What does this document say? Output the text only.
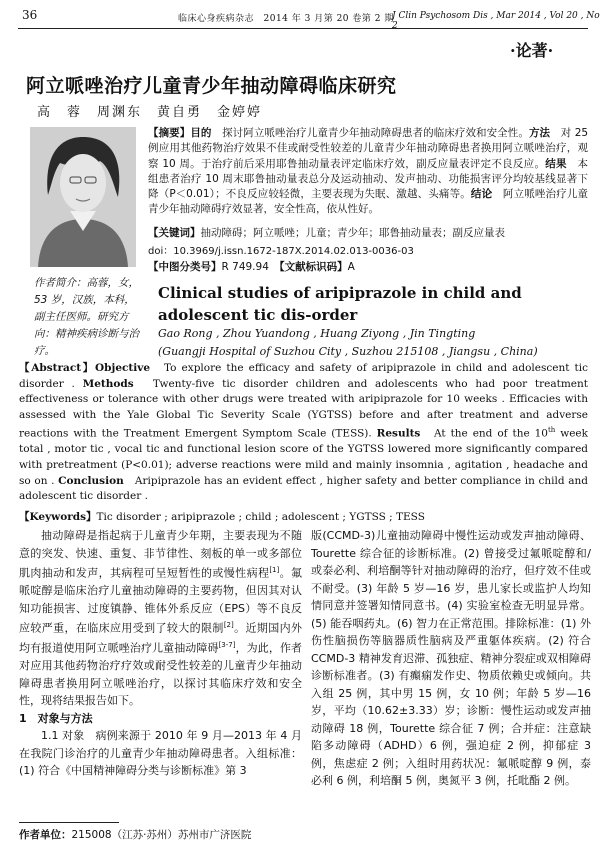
36	临床心身疾病杂志　2014 年 3 月第 20 卷第 2 期
J Clin Psychosom Dis , Mar 2014 , Vol 20 , No 2
·论著·
阿立哌唑治疗儿童青少年抽动障碍临床研究
高　蓉　周渊东　黄自勇　金婷婷
作者简介：高蓉，女，53 岁，汉族，本科，副主任医师。研究方向：精神疾病诊断与治疗。
【摘要】目的　 探讨阿立哌唑治疗儿童青少年抽动障碍患者的临床疗效和安全性。方法　 对 25 例应用其他药物治疗效果不佳或耐受性较差的儿童青少年抽动障碍患者换用阿立哌唑治疗，观察 10 周。于治疗前后采用耶鲁抽动量表评定临床疗效，副反应量表评定不良反应。结果　 本组患者治疗 10 周末耶鲁抽动量表总分及运动抽动、发声抽动、功能损害评分均较基线显著下降（P＜0.01）；不良反应较轻微，主要表现为失眠、激越、头痛等。结论　 阿立哌唑治疗儿童青少年抽动障碍疗效显著，安全性高，依从性好。
【关键词】抽动障碍；阿立哌唑；儿童；青少年；耶鲁抽动量表；副反应量表
doi：10.3969/j.issn.1672-187X.2014.02.013-0036-03
【中图分类号】R 749.94　 【文献标识码】A
Clinical studies of aripiprazole in child and adolescent tic dis-order
Gao Rong , Zhou Yuandong , Huang Ziyong , Jin Tingting
(Guangji Hospital of Suzhou City , Suzhou 215108 , Jiangsu , China)
【Abstract】Objective　 To explore the efficacy and safety of aripiprazole in child and adolescent tic disorder . Methods　 Twenty-five tic disorder children and adolescents who had poor treatment effectiveness or tolerance with other drugs were treated with aripiprazole for 10 weeks . Efficacies with assessed with the Yale Global Tic Severity Scale (YGTSS) before and after treatment and adverse reactions with the Treatment Emergent Symptom Scale (TESS). Results　 At the end of the 10th week total , motor tic , vocal tic and functional lesion score of the YGTSS lowered more significantly compared with pretreatment (P<0.01); adverse reactions were mild and mainly insomnia , agitation , headache and so on . Conclusion　 Aripiprazole has an evident effect , higher safety and better compliance in child and adolescent tic disorder .
【Keywords】Tic disorder ; aripiprazole ; child ; adolescent ; YGTSS ; TESS

抽动障碍是指起病于儿童青少年期，主要表现为不随意的突发、快速、重复、非节律性、刻板的单一或多部位肌肉抽动和发声，其病程可呈短暂性的或慢性病程[1]。氟哌啶醇是临床治疗儿童抽动障碍的主要药物，但因其对认知功能损害、过度镇静、锥体外系反应（EPS）等不良反应较严重，在临床应用受到了较大的限制[2]。近期国内外均有报道使用阿立哌唑治疗儿童抽动障碍[3-7]，为此，作者对应用其他药物治疗疗效或耐受性较差的儿童青少年抽动障碍患者换用阿立哌唑治疗，以探讨其临床疗效和安全性，现将结果报告如下。

1　对象与方法

1.1 对象　病例来源于 2010 年 9 月—2013 年 4 月在我院门诊治疗的儿童青少年抽动障碍患者。入组标准：(1) 符合《中国精神障碍分类与诊断标准》第 3

版(CCMD-3)儿童抽动障碍中慢性运动或发声抽动障碍、Tourette 综合征的诊断标准。(2) 曾接受过氟哌啶醇和/或泰必利、利培酮等针对抽动障碍的治疗，但疗效不佳或不耐受。(3) 年龄 5 岁—16 岁，患儿家长或监护人均知情同意并签署知情同意书。(4) 实验室检查无明显异常。(5) 能吞咽药丸。(6) 智力在正常范围。排除标准：(1) 外伤性脑损伤等脑器质性脑病及严重躯体疾病。(2) 符合 CCMD-3 精神发育迟滞、孤独症、精神分裂症或双相障碍诊断标准者。(3) 有癫痫发作史、物质依赖史或倾向。共入组 25 例，其中男 15 例，女 10 例；年龄 5 岁—16 岁，平均（10.62±3.33）岁；诊断：慢性运动或发声抽动障碍 18 例，Tourette 综合征 7 例；合并症：注意缺陷多动障碍（ADHD）6 例，强迫症 2 例，抑郁症 3 例，焦虑症 2 例；入组时用药状况：氟哌啶醇 9 例，泰必利 6 例，利培酮 5 例，奥氮平 3 例，托吡酯 2 例。

作者单位：215008（江苏·苏州）苏州市广济医院
